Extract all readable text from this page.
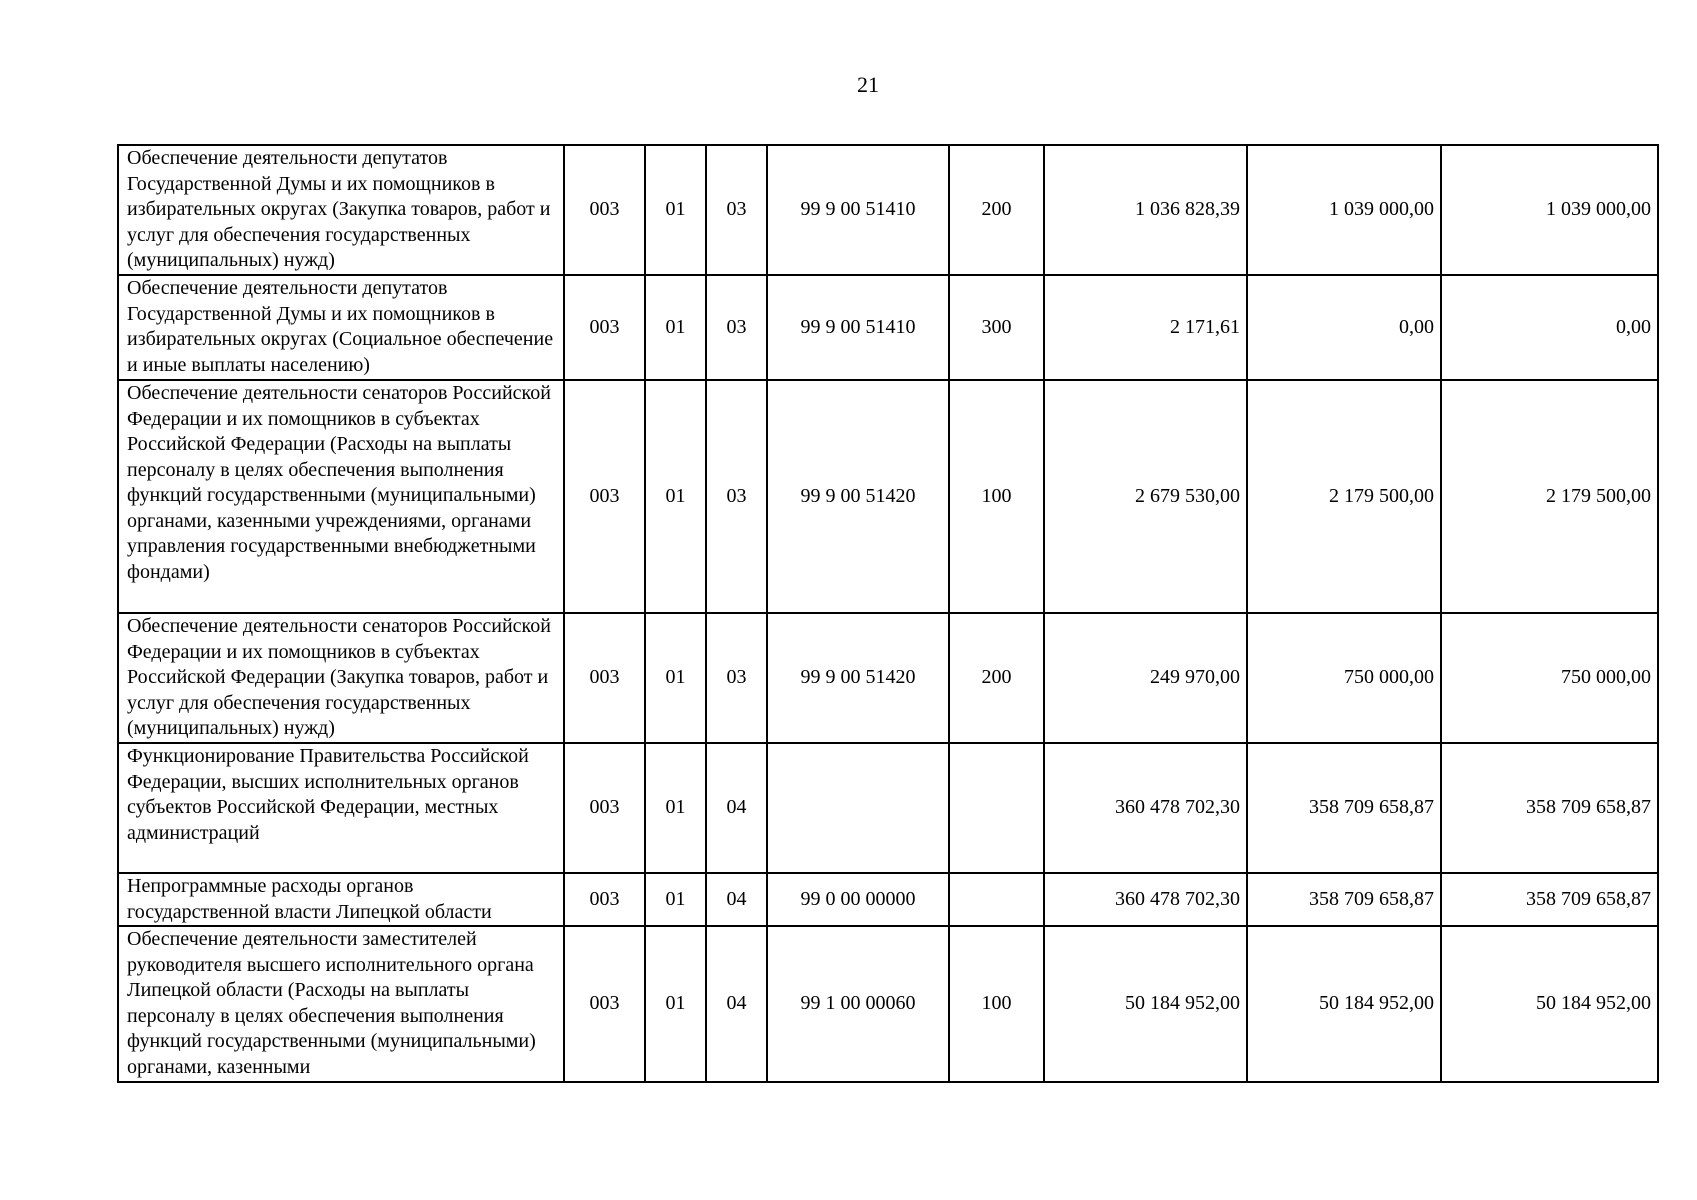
21
Обеспечение деятельности депутатов Государственной Думы и их помощников в избирательных округах (Закупка товаров, работ и услуг для обеспечения государственных (муниципальных) нужд)	003	01	03	99 9 00 51410	200	1 036 828,39	1 039 000,00	1 039 000,00
Обеспечение деятельности депутатов Государственной Думы и их помощников в избирательных округах (Социальное обеспечение и иные выплаты населению)	003	01	03	99 9 00 51410	300	2 171,61	0,00	0,00
Обеспечение деятельности сенаторов Российской Федерации и их помощников в субъектах Российской Федерации (Расходы на выплаты персоналу в целях обеспечения выполнения функций государственными (муниципальными) органами, казенными учреждениями, органами управления государственными внебюджетными фондами)	003	01	03	99 9 00 51420	100	2 679 530,00	2 179 500,00	2 179 500,00
Обеспечение деятельности сенаторов Российской Федерации и их помощников в субъектах Российской Федерации (Закупка товаров, работ и услуг для обеспечения государственных (муниципальных) нужд)	003	01	03	99 9 00 51420	200	249 970,00	750 000,00	750 000,00
Функционирование Правительства Российской Федерации, высших исполнительных органов субъектов Российской Федерации, местных администраций	003	01	04			360 478 702,30	358 709 658,87	358 709 658,87
Непрограммные расходы органов государственной власти Липецкой области	003	01	04	99 0 00 00000		360 478 702,30	358 709 658,87	358 709 658,87
Обеспечение деятельности заместителей руководителя высшего исполнительного органа Липецкой области (Расходы на выплаты персоналу в целях обеспечения выполнения функций государственными (муниципальными) органами, казенными	003	01	04	99 1 00 00060	100	50 184 952,00	50 184 952,00	50 184 952,00
